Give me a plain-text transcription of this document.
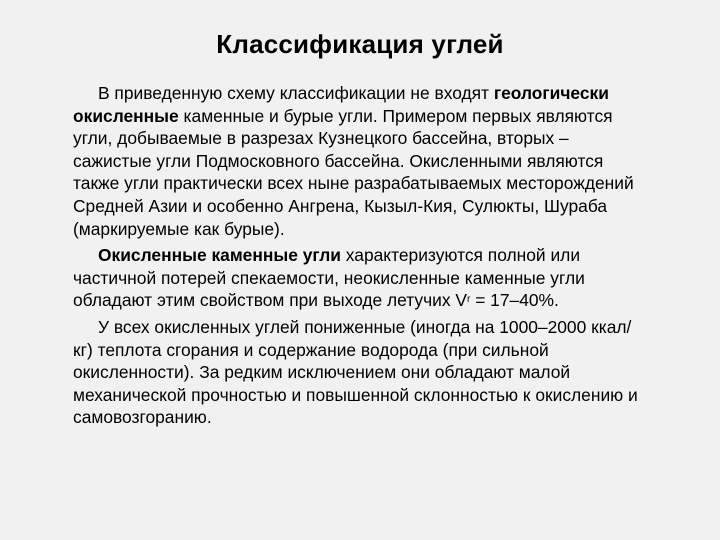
Классификация углей

В приведенную схему классификации не входят геологически окисленные каменные и бурые угли. Примером первых являются угли, добываемые в разрезах Кузнецкого бассейна, вторых – сажистые угли Подмосковного бассейна. Окисленными являются также угли практически всех ныне разрабатываемых месторождений Средней Азии и особенно Ангрена, Кызыл-Кия, Сулюкты, Шураба (маркируемые как бурые).

Окисленные каменные угли характеризуются полной или частичной потерей спекаемости, неокисленные каменные угли обладают этим свойством при выходе летучих $V^r = 17-40\%$.

У всех окисленных углей пониженные (иногда на 1000–2000 ккал/кг) теплота сгорания и содержание водорода (при сильной окисленности). За редким исключением они обладают малой механической прочностью и повышенной склонностью к окислению и самовозгоранию.
